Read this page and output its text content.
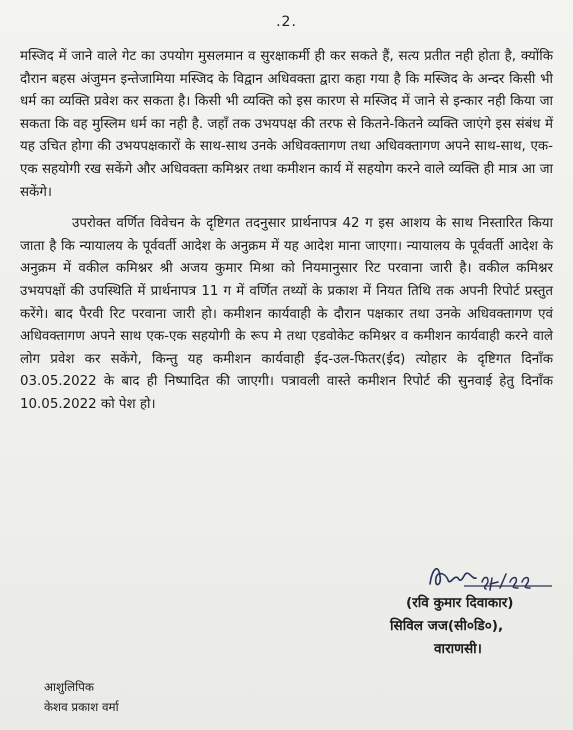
.2.

मस्जिद में जाने वाले गेट का उपयोग मुसलमान व सुरक्षाकर्मी ही कर सकते हैं, सत्य प्रतीत नही होता है, क्योंकि दौरान बहस अंजुमन इन्तेजामिया मस्जिद के विद्वान अधिवक्ता द्वारा कहा गया है कि मस्जिद के अन्दर किसी भी धर्म का व्यक्ति प्रवेश कर सकता है। किसी भी व्यक्ति को इस कारण से मस्जिद में जाने से इन्कार नही किया जा सकता कि वह मुस्लिम धर्म का नही है. जहॉं तक उभयपक्ष की तरफ से कितने-कितने व्यक्ति जाएंगे इस संबंध में यह उचित होगा की उभयपक्षकारों के साथ-साथ उनके अधिवक्तागण तथा अधिवक्तागण अपने साथ-साथ, एक-एक सहयोगी रख सकेंगे और अधिवक्ता कमिश्नर तथा कमीशन कार्य में सहयोग करने वाले व्यक्ति ही मात्र आ जा सकेंगे।

उपरोक्त वर्णित विवेचन के दृष्टिगत तदनुसार प्रार्थनापत्र 42 ग इस आशय के साथ निस्तारित किया जाता है कि न्यायालय के पूर्ववर्ती आदेश के अनुक्रम में यह आदेश माना जाएगा। न्यायालय के पूर्ववर्ती आदेश के अनुक्रम में वकील कमिश्नर श्री अजय कुमार मिश्रा को नियमानुसार रिट परवाना जारी है। वकील कमिश्नर उभयपक्षों की उपस्थिति में प्रार्थनापत्र 11 ग में वर्णित तथ्यों के प्रकाश में नियत तिथि तक अपनी रिपोर्ट प्रस्तुत करेंगे। बाद पैरवी रिट परवाना जारी हो। कमीशन कार्यवाही के दौरान पक्षकार तथा उनके अधिवक्तागण एवं अधिवक्तागण अपने साथ एक-एक सहयोगी के रूप मे तथा एडवोकेट कमिश्नर व कमीशन कार्यवाही करने वाले लोग प्रवेश कर सकेंगे, किन्तु यह कमीशन कार्यवाही ईद-उल-फितर(ईद) त्योहार के दृष्टिगत दिनॉंक 03.05.2022 के बाद ही निष्पादित की जाएगी। पत्रावली वास्ते कमीशन रिपोर्ट की सुनवाई हेतु दिनॉंक 10.05.2022 को पेश हो।

(रवि कुमार दिवाकार)
सिविल जज(सी०डि०),
वाराणसी।
आशुलिपिक
केशव प्रकाश वर्मा
